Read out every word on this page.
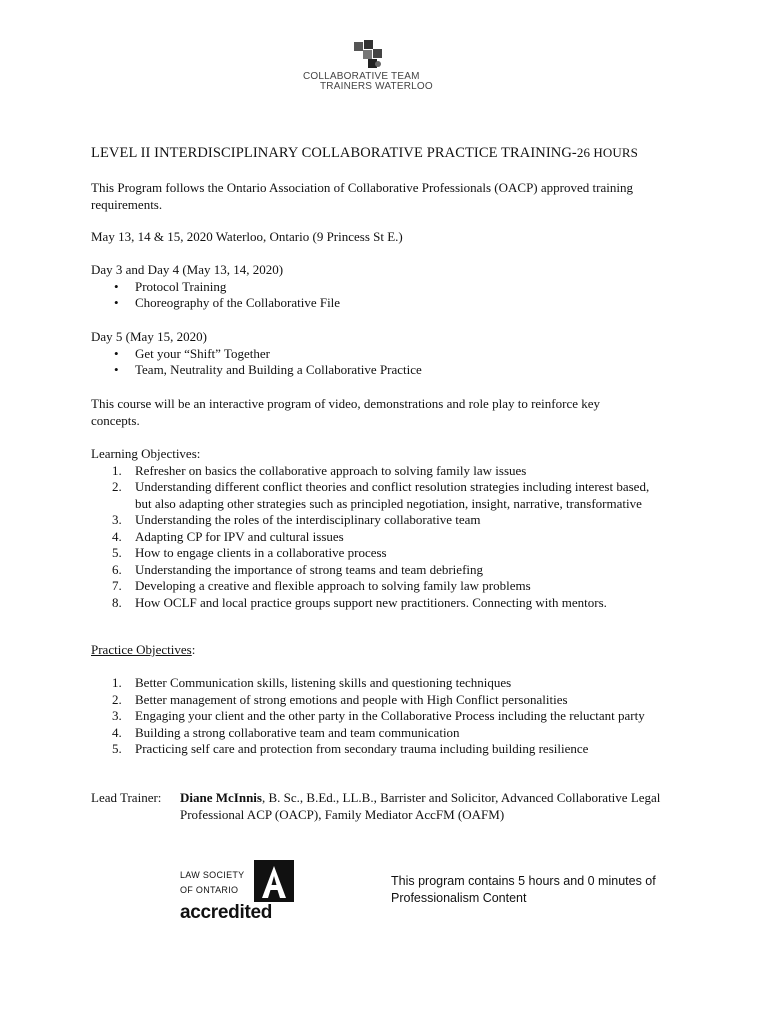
COLLABORATIVE TEAM
TRAINERS WATERLOO
LEVEL II INTERDISCIPLINARY COLLABORATIVE PRACTICE TRAINING-26 HOURS

This Program follows the Ontario Association of Collaborative Professionals (OACP) approved training requirements.

May 13, 14 & 15, 2020 Waterloo, Ontario (9 Princess St E.)

Day 3 and Day 4 (May 13, 14, 2020)

• Protocol Training
• Choreography of the Collaborative File

Day 5 (May 15, 2020)

• Get your “Shift” Together
• Team, Neutrality and Building a Collaborative Practice

This course will be an interactive program of video, demonstrations and role play to reinforce key concepts.

Learning Objectives:

1. Refresher on basics the collaborative approach to solving family law issues
2. Understanding different conflict theories and conflict resolution strategies including interest based, but also adapting other strategies such as principled negotiation, insight, narrative, transformative
3. Understanding the roles of the interdisciplinary collaborative team
4. Adapting CP for IPV and cultural issues
5. How to engage clients in a collaborative process
6. Understanding the importance of strong teams and team debriefing
7. Developing a creative and flexible approach to solving family law problems
8. How OCLF and local practice groups support new practitioners. Connecting with mentors.

Practice Objectives:

1. Better Communication skills, listening skills and questioning techniques
2. Better management of strong emotions and people with High Conflict personalities
3. Engaging your client and the other party in the Collaborative Process including the reluctant party
4. Building a strong collaborative team and team communication
5. Practicing self care and protection from secondary trauma including building resilience
Lead Trainer: Diane McInnis, B. Sc., B.Ed., LL.B., Barrister and Solicitor, Advanced Collaborative Legal Professional ACP (OACP), Family Mediator AccFM (OAFM)
LAW SOCIETY
OF ONTARIO
accredited
This program contains 5 hours and 0 minutes of Professionalism Content
